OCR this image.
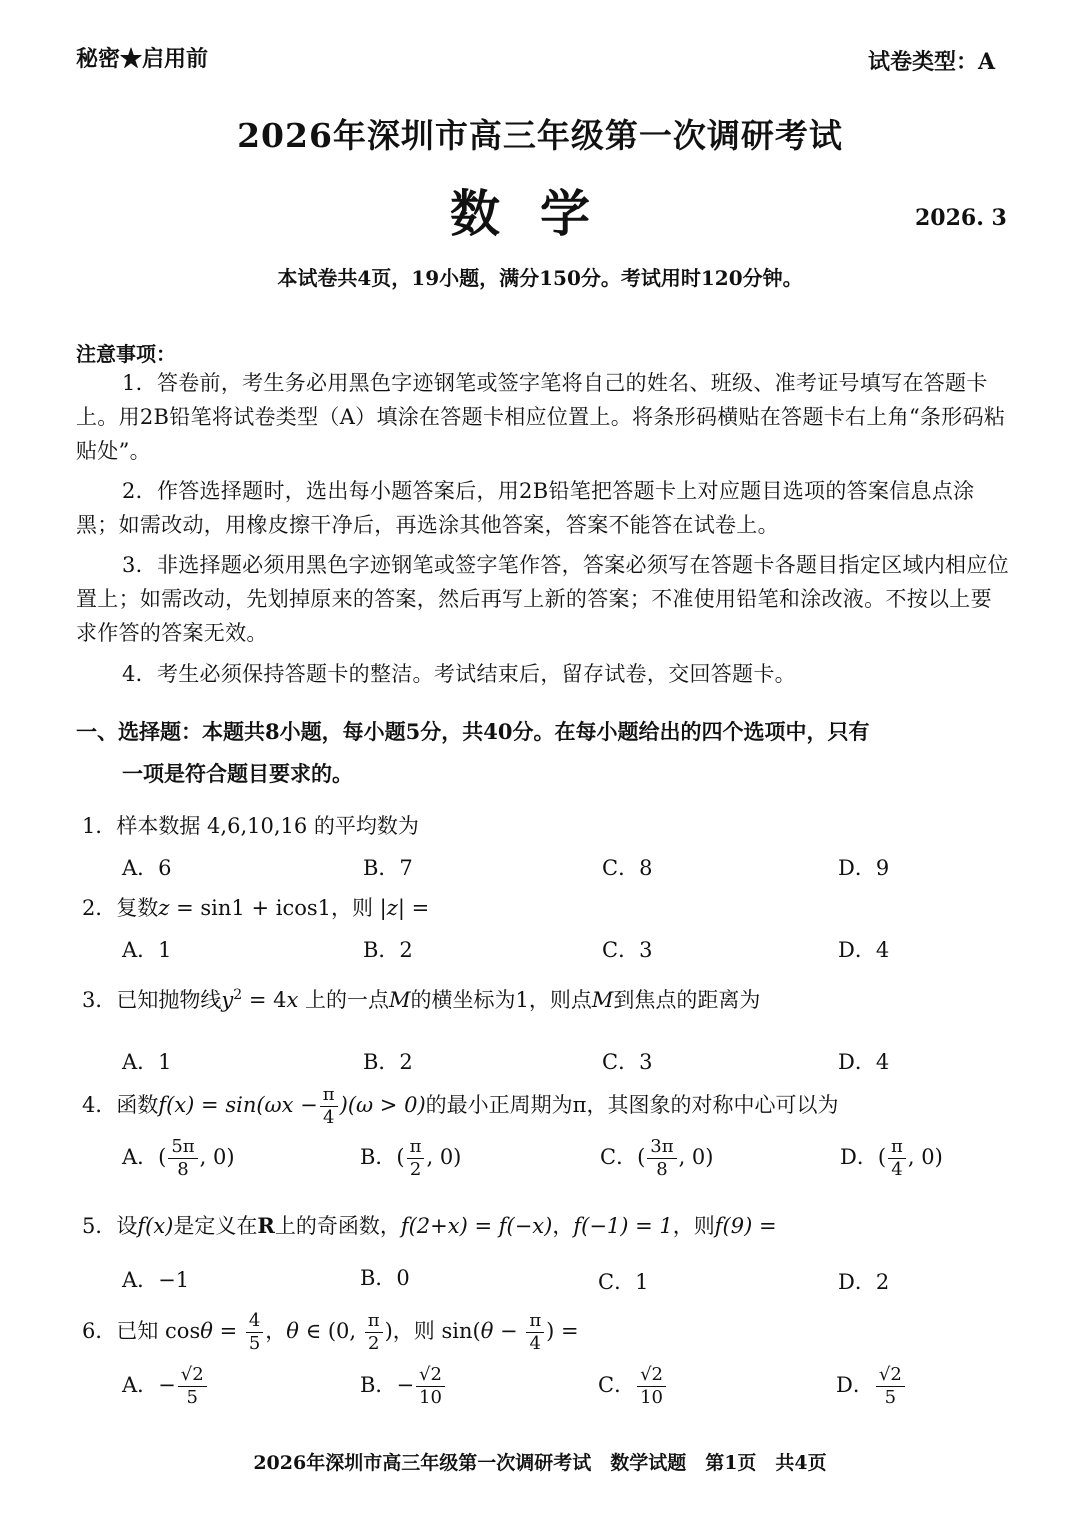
秘密★启用前	试卷类型：A
2026年深圳市高三年级第一次调研考试
数学	2026. 3
本试卷共4页，19小题，满分150分。考试用时120分钟。
注意事项：
1．答卷前，考生务必用黑色字迹钢笔或签字笔将自己的姓名、班级、准考证号填写在答题卡上。用2B铅笔将试卷类型（A）填涂在答题卡相应位置上。将条形码横贴在答题卡右上角“条形码粘贴处”。
2．作答选择题时，选出每小题答案后，用2B铅笔把答题卡上对应题目选项的答案信息点涂黑；如需改动，用橡皮擦干净后，再选涂其他答案，答案不能答在试卷上。
3．非选择题必须用黑色字迹钢笔或签字笔作答，答案必须写在答题卡各题目指定区域内相应位置上；如需改动，先划掉原来的答案，然后再写上新的答案；不准使用铅笔和涂改液。不按以上要求作答的答案无效。
4．考生必须保持答题卡的整洁。考试结束后，留存试卷，交回答题卡。
一、选择题：本题共8小题，每小题5分，共40分。在每小题给出的四个选项中，只有
一项是符合题目要求的。
1．样本数据 4,6,10,16 的平均数为
A．6	B．7	C．8	D．9
2．复数z = sin1 + icos1，则 |z| =
A．1	B．2	C．3	D．4
3．已知抛物线$y^2 = 4x$ 上的一点M的横坐标为1，则点M到焦点的距离为
A．1	B．2	C．3	D．4
4．函数$f(x) = \sin(\omega x - \frac{\pi}{4} )(\omega > 0)$的最小正周期为π，其图象的对称中心可以为
A．( $\frac{5\pi}{8}$ , 0)	B．( $\frac{\pi}{2}$ , 0)	C．( $\frac{3\pi}{8}$ , 0)	D．( $\frac{\pi}{4}$ , 0)
5．设f(x)是定义在R上的奇函数，f(2+x) = f(−x)，f(−1) = 1，则f(9) =
A．−1	B．0	C．1	D．2
6．已知 $\cos\theta = \frac{4}{5}$ ，θ ∈ (0, $\frac{\pi}{2}$ )，则 $\sin(\theta - \frac{\pi}{4}$ ) =
A．− $\frac{√2}{5}$	B．− $\frac{√2}{10}$	C． $\frac{√2}{10}$	D． $\frac{√2}{5}$
2026年深圳市高三年级第一次调研考试　数学试题　第1页　共4页
